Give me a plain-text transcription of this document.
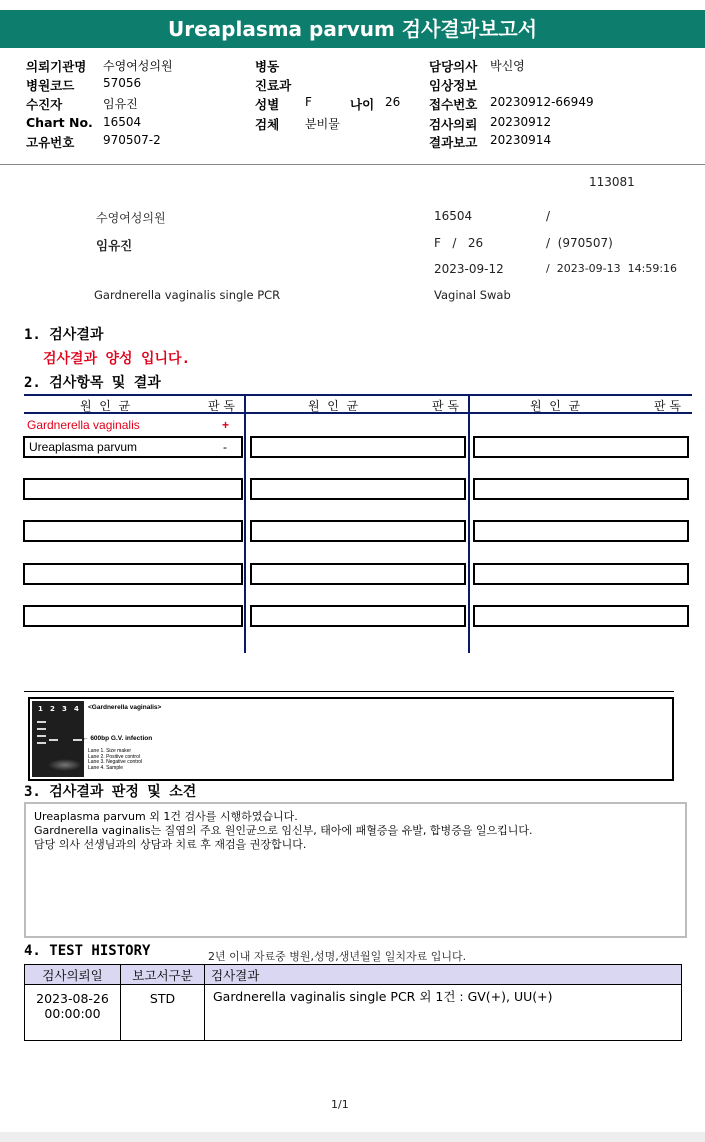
Ureaplasma parvum 검사결과보고서
의뢰기관명 수영여성의원
병원코드 57056
수진자	임유진
Chart No. 16504
고유번호 970507-2
병동
진료과
성별 F	나이 26
검체 분비물
담당의사 박신영
임상정보
접수번호 20230912-66949
검사의뢰 20230912
결과보고 20230914
113081
수영여성의원	16504	/
임유진	F   /   26	/  (970507)
2023-09-12	/  2023-09-13  14:59:16
Gardnerella vaginalis single PCR	Vaginal Swab
1. 검사결과
검사결과 양성 입니다.
2. 검사항목 및 결과
원  인  균	판 독	원  인  균	판 독	원  인  균	판 독
Gardnerella vaginalis	+
Ureaplasma parvum	-
1 2 3 4 <Gardnerella vaginalis>
← 600bp G.V. infection
Lane 1. Size maker
Lane 2. Positive control
Lane 3. Negative control
Lane 4. Sample
3. 검사결과 판정 및 소견
Ureaplasma parvum 외 1건 검사를 시행하였습니다.
Gardnerella vaginalis는 질염의 주요 원인균으로 임신부, 태아에 패혈증을 유발, 합병증을 일으킵니다.
담당 의사 선생님과의 상담과 치료 후 재검을 권장합니다.
4. TEST HISTORY	2년 이내 자료중 병원,성명,생년월일 일치자료 입니다.
검사의뢰일	보고서구분	검사결과

2023-08-26
00:00:00	STD	Gardnerella vaginalis single PCR 외 1건 : GV(+), UU(+)
1/1
